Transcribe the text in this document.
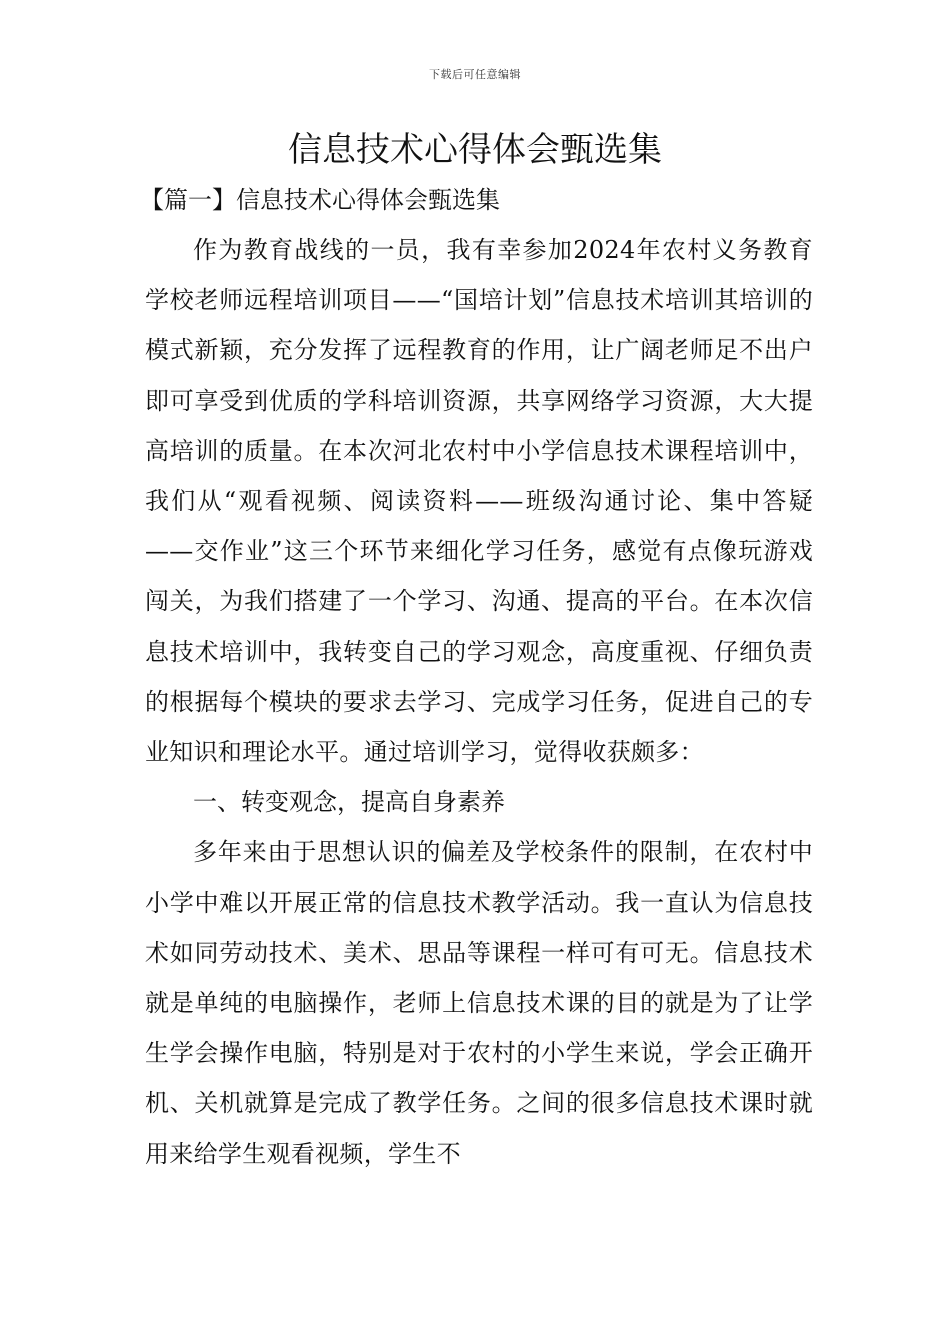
下载后可任意编辑
信息技术心得体会甄选集
【篇一】信息技术心得体会甄选集

作为教育战线的一员，我有幸参加2024年农村义务教育学校老师远程培训项目——“国培计划”信息技术培训其培训的模式新颖，充分发挥了远程教育的作用，让广阔老师足不出户即可享受到优质的学科培训资源，共享网络学习资源，大大提高培训的质量。在本次河北农村中小学信息技术课程培训中，我们从“观看视频、阅读资料——班级沟通讨论、集中答疑——交作业”这三个环节来细化学习任务，感觉有点像玩游戏闯关，为我们搭建了一个学习、沟通、提高的平台。在本次信息技术培训中，我转变自己的学习观念，高度重视、仔细负责的根据每个模块的要求去学习、完成学习任务，促进自己的专业知识和理论水平。通过培训学习，觉得收获颇多：

一、转变观念，提高自身素养

多年来由于思想认识的偏差及学校条件的限制，在农村中小学中难以开展正常的信息技术教学活动。我一直认为信息技术如同劳动技术、美术、思品等课程一样可有可无。信息技术就是单纯的电脑操作，老师上信息技术课的目的就是为了让学生学会操作电脑，特别是对于农村的小学生来说，学会正确开机、关机就算是完成了教学任务。之间的很多信息技术课时就用来给学生观看视频，学生不
